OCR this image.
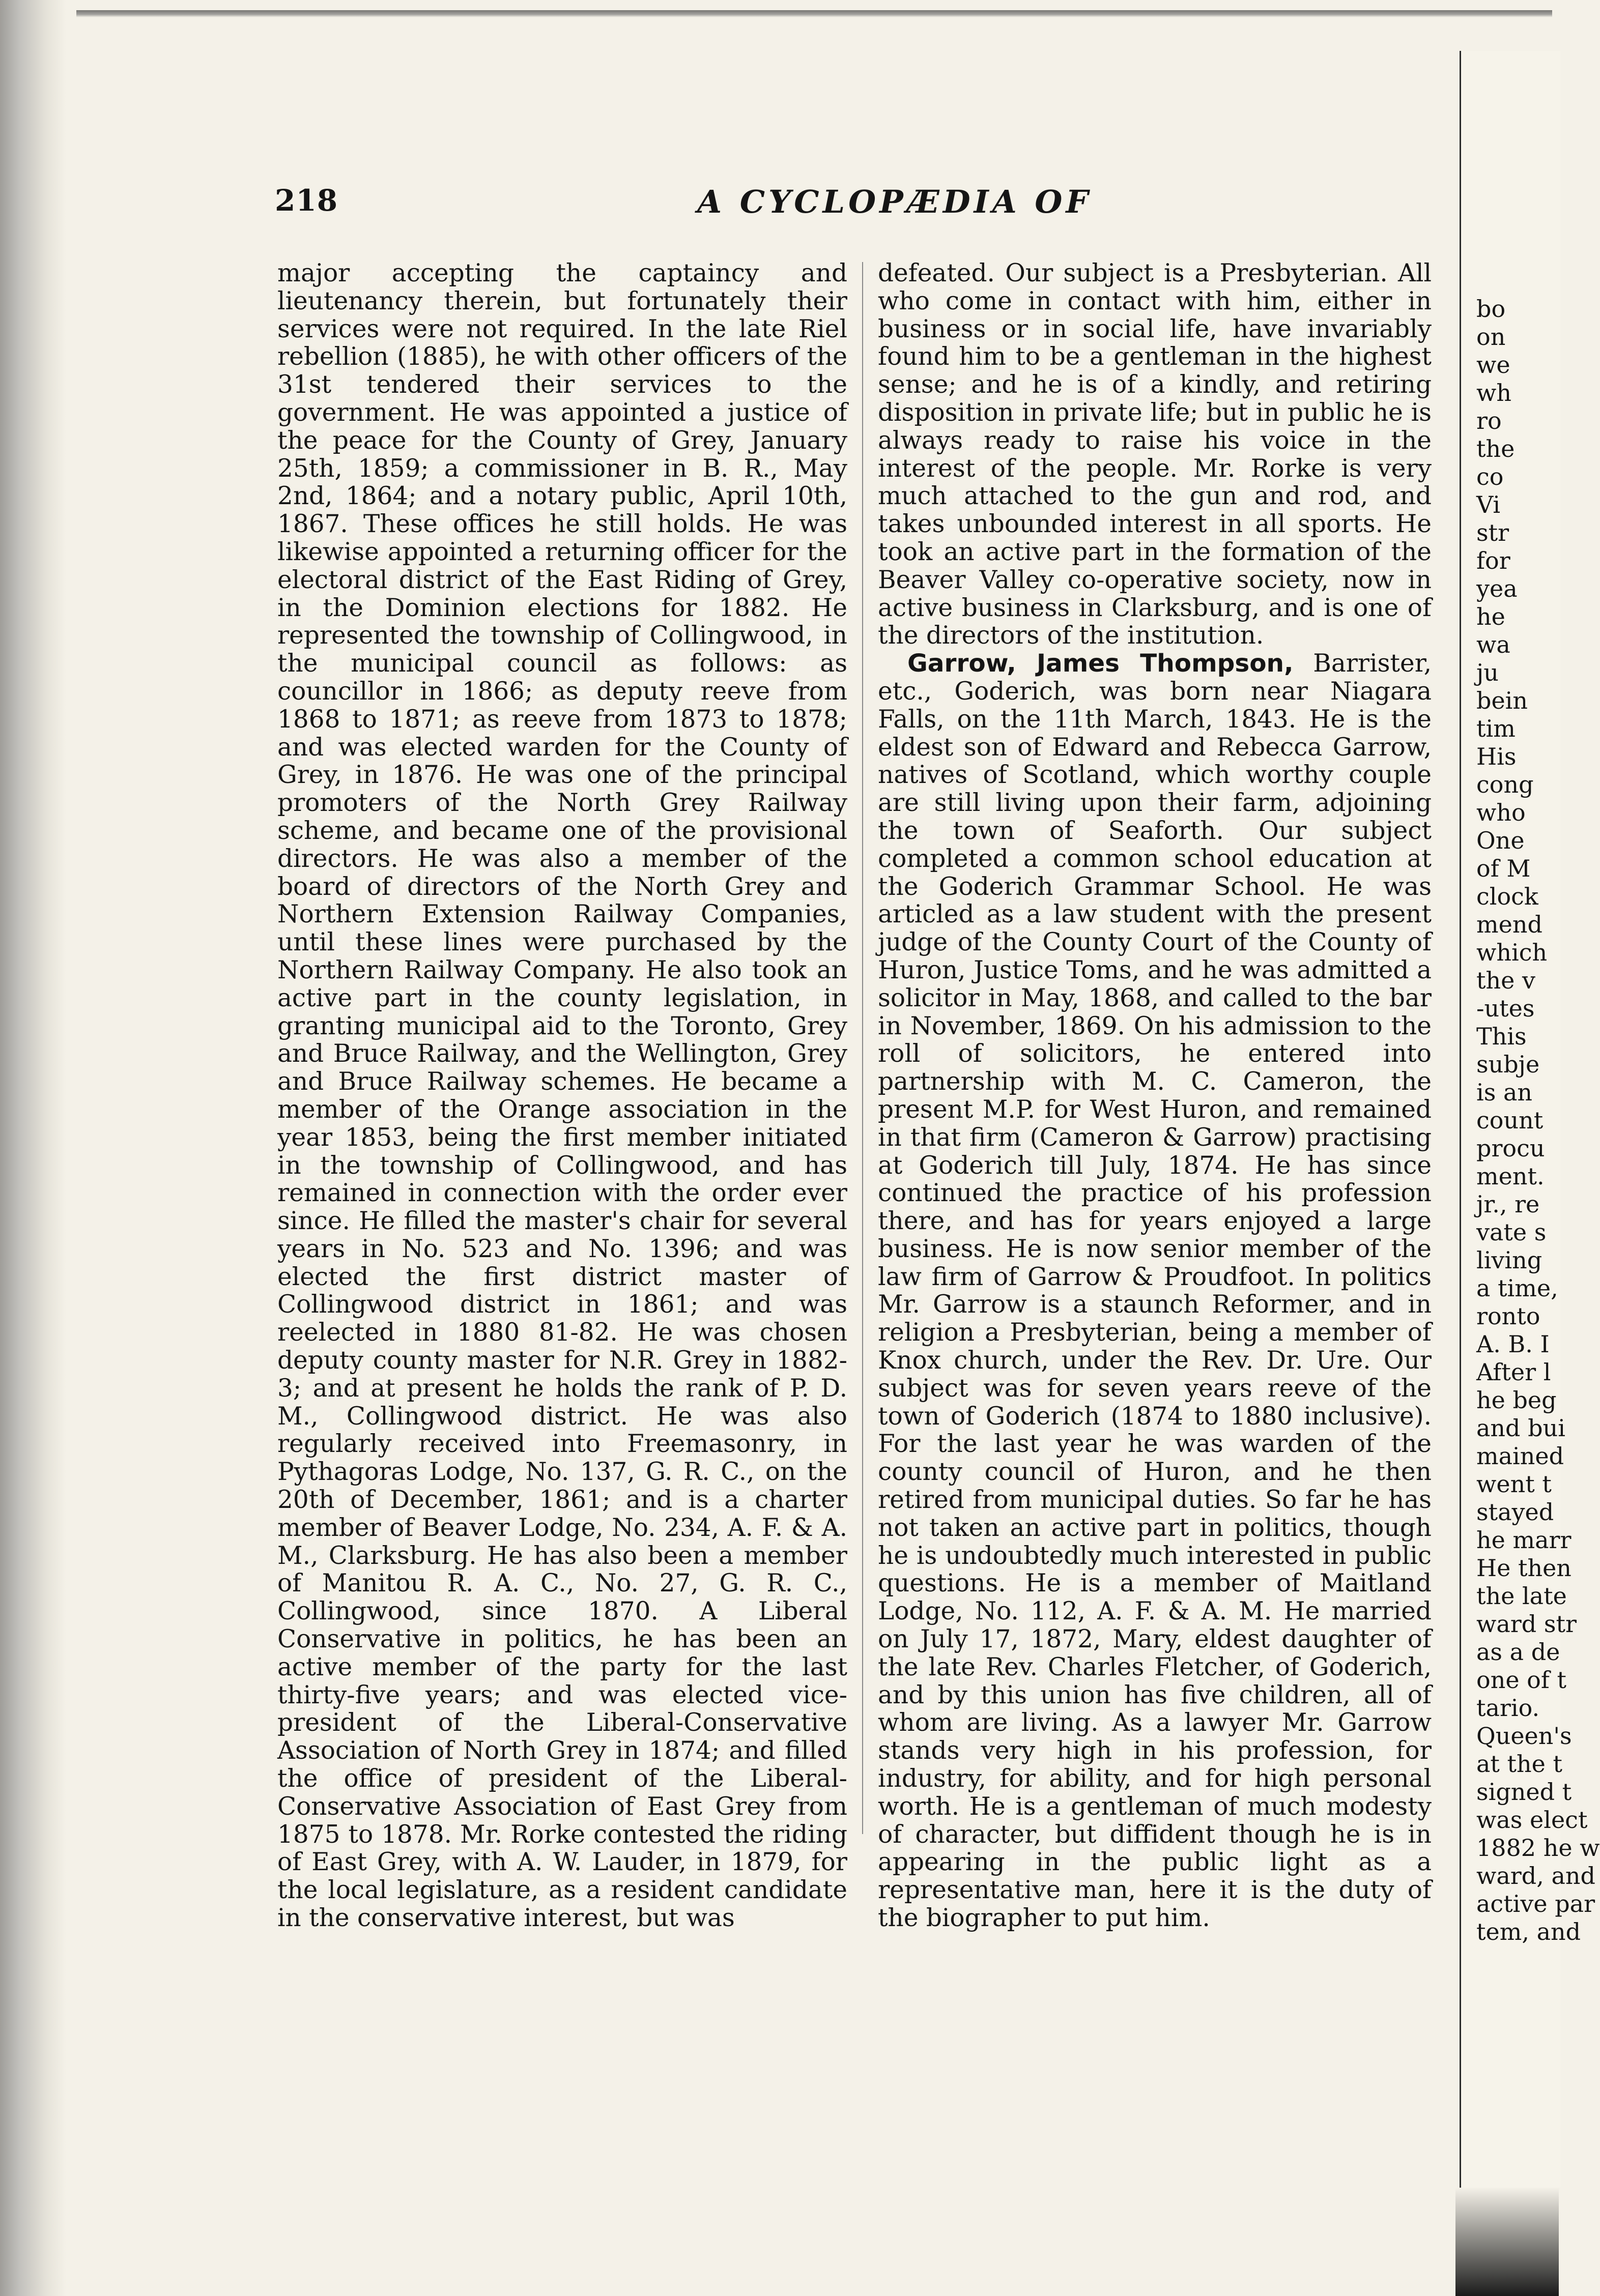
218	A CYCLOPÆDIA OF

major accepting the captaincy and lieutenancy therein, but fortunately their services were not required. In the late Riel rebellion (1885), he with other officers of the 31st tendered their services to the government. He was appointed a justice of the peace for the County of Grey, January 25th, 1859; a commissioner in B. R., May 2nd, 1864; and a notary public, April 10th, 1867. These offices he still holds. He was likewise appointed a returning officer for the electoral district of the East Riding of Grey, in the Dominion elections for 1882. He represented the township of Collingwood, in the municipal council as follows: as councillor in 1866; as deputy reeve from 1868 to 1871; as reeve from 1873 to 1878; and was elected warden for the County of Grey, in 1876. He was one of the principal promoters of the North Grey Railway scheme, and became one of the provisional directors. He was also a member of the board of directors of the North Grey and Northern Extension Railway Companies, until these lines were purchased by the Northern Railway Company. He also took an active part in the county legislation, in granting municipal aid to the Toronto, Grey and Bruce Railway, and the Wellington, Grey and Bruce Railway schemes. He became a member of the Orange association in the year 1853, being the first member initiated in the township of Collingwood, and has remained in connection with the order ever since. He filled the master's chair for several years in No. 523 and No. 1396; and was elected the first district master of Collingwood district in 1861; and was reelected in 1880 81-82. He was chosen deputy county master for N.R. Grey in 1882-3; and at present he holds the rank of P. D. M., Collingwood district. He was also regularly received into Freemasonry, in Pythagoras Lodge, No. 137, G. R. C., on the 20th of December, 1861; and is a charter member of Beaver Lodge, No. 234, A. F. & A. M., Clarksburg. He has also been a member of Manitou R. A. C., No. 27, G. R. C., Collingwood, since 1870. A Liberal Conservative in politics, he has been an active member of the party for the last thirty-five years; and was elected vice-president of the Liberal-Conservative Association of North Grey in 1874; and filled the office of president of the Liberal-Conservative Association of East Grey from 1875 to 1878. Mr. Rorke contested the riding of East Grey, with A. W. Lauder, in 1879, for the local legislature, as a resident candidate in the conservative interest, but was

defeated. Our subject is a Presbyterian. All who come in contact with him, either in business or in social life, have invariably found him to be a gentleman in the highest sense; and he is of a kindly, and retiring disposition in private life; but in public he is always ready to raise his voice in the interest of the people. Mr. Rorke is very much attached to the gun and rod, and takes unbounded interest in all sports. He took an active part in the formation of the Beaver Valley co-operative society, now in active business in Clarksburg, and is one of the directors of the institution.

Garrow, James Thompson, Barrister, etc., Goderich, was born near Niagara Falls, on the 11th March, 1843. He is the eldest son of Edward and Rebecca Garrow, natives of Scotland, which worthy couple are still living upon their farm, adjoining the town of Seaforth. Our subject completed a common school education at the Goderich Grammar School. He was articled as a law student with the present judge of the County Court of the County of Huron, Justice Toms, and he was admitted a solicitor in May, 1868, and called to the bar in November, 1869. On his admission to the roll of solicitors, he entered into partnership with M. C. Cameron, the present M.P. for West Huron, and remained in that firm (Cameron & Garrow) practising at Goderich till July, 1874. He has since continued the practice of his profession there, and has for years enjoyed a large business. He is now senior member of the law firm of Garrow & Proudfoot. In politics Mr. Garrow is a staunch Reformer, and in religion a Presbyterian, being a member of Knox church, under the Rev. Dr. Ure. Our subject was for seven years reeve of the town of Goderich (1874 to 1880 inclusive). For the last year he was warden of the county council of Huron, and he then retired from municipal duties. So far he has not taken an active part in politics, though he is undoubtedly much interested in public questions. He is a member of Maitland Lodge, No. 112, A. F. & A. M. He married on July 17, 1872, Mary, eldest daughter of the late Rev. Charles Fletcher, of Goderich, and by this union has five children, all of whom are living. As a lawyer Mr. Garrow stands very high in his profession, for industry, for ability, and for high personal worth. He is a gentleman of much modesty of character, but diffident though he is in appearing in the public light as a representative man, here it is the duty of the biographer to put him.

bo
on
we
wh
ro
the
co
Vi
str
for
yea
he
wa
ju
bein
tim
His
cong
who
One
of M
clock
mend
which
the v
-utes
This
subje
is an
count
procu
ment.
jr., re
vate s
living
a time,
ronto
A. B. I
After l
he beg
and bui
mained
went t
stayed
he marr
He then
the late
ward str
as a de
one of t
tario.
Queen's
at the t
signed t
was elect
1882 he w
ward, and
active par
tem, and
